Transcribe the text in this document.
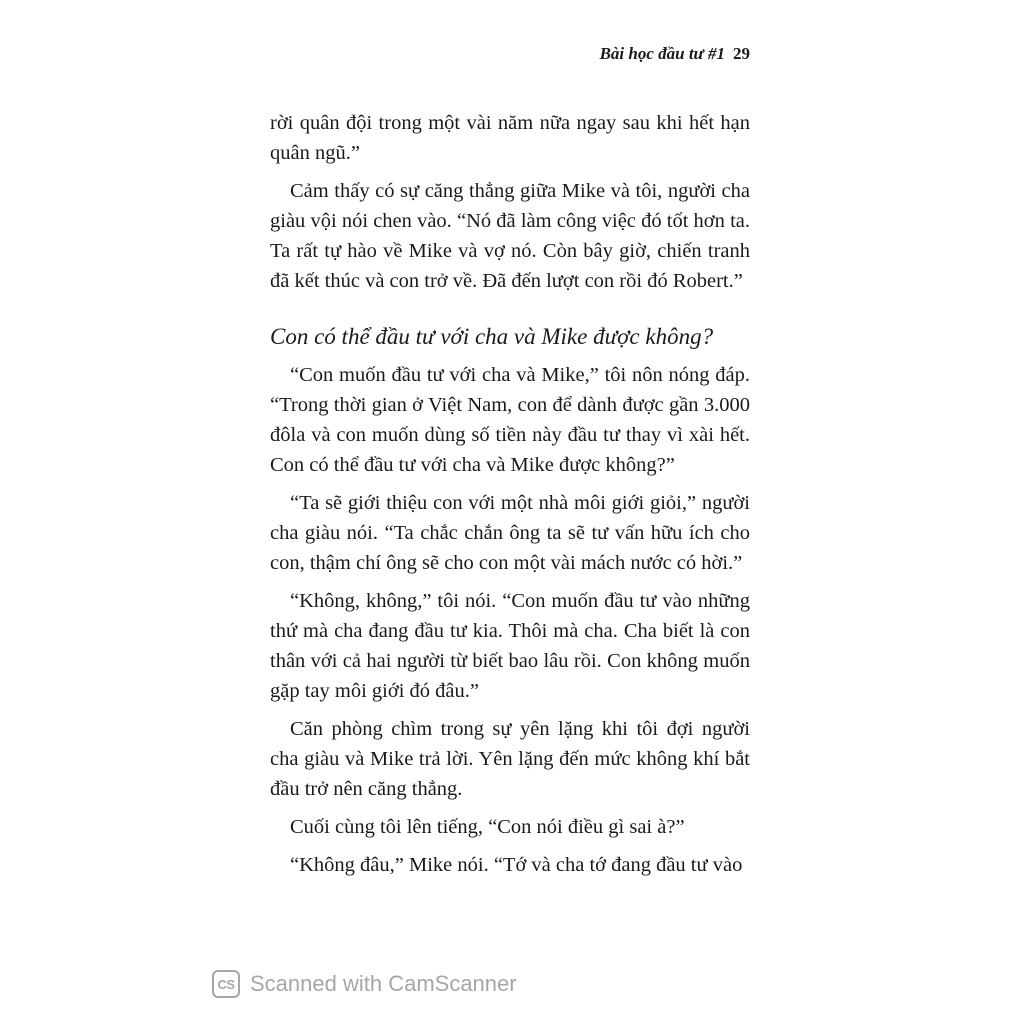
Bài học đầu tư #1 29

rời quân đội trong một vài năm nữa ngay sau khi hết hạn quân ngũ.”

Cảm thấy có sự căng thẳng giữa Mike và tôi, người cha giàu vội nói chen vào. “Nó đã làm công việc đó tốt hơn ta. Ta rất tự hào về Mike và vợ nó. Còn bây giờ, chiến tranh đã kết thúc và con trở về. Đã đến lượt con rồi đó Robert.”

Con có thể đầu tư với cha và Mike được không?

“Con muốn đầu tư với cha và Mike,” tôi nôn nóng đáp. “Trong thời gian ở Việt Nam, con để dành được gần 3.000 đôla và con muốn dùng số tiền này đầu tư thay vì xài hết. Con có thể đầu tư với cha và Mike được không?”

“Ta sẽ giới thiệu con với một nhà môi giới giỏi,” người cha giàu nói. “Ta chắc chắn ông ta sẽ tư vấn hữu ích cho con, thậm chí ông sẽ cho con một vài mách nước có hời.”

“Không, không,” tôi nói. “Con muốn đầu tư vào những thứ mà cha đang đầu tư kia. Thôi mà cha. Cha biết là con thân với cả hai người từ biết bao lâu rồi. Con không muốn gặp tay môi giới đó đâu.”

Căn phòng chìm trong sự yên lặng khi tôi đợi người cha giàu và Mike trả lời. Yên lặng đến mức không khí bắt đầu trở nên căng thẳng.

Cuối cùng tôi lên tiếng, “Con nói điều gì sai à?”

“Không đâu,” Mike nói. “Tớ và cha tớ đang đầu tư vào

CS Scanned with CamScanner
